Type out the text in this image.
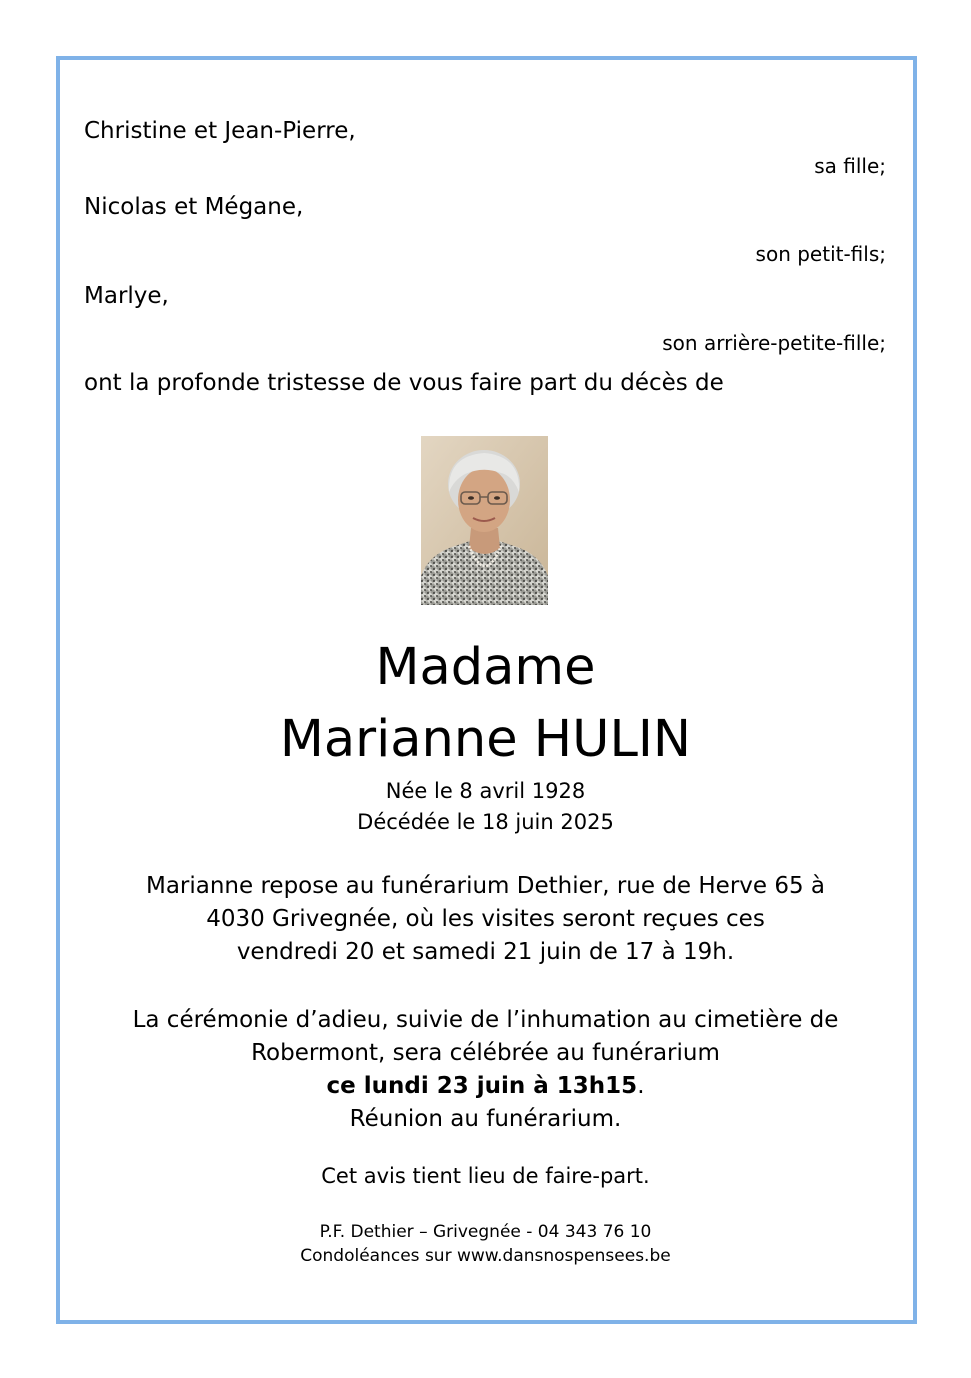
Christine et Jean-Pierre,
sa fille;
Nicolas et Mégane,
son petit-fils;
Marlye,
son arrière-petite-fille;
ont la profonde tristesse de vous faire part du décès de
Madame
Marianne HULIN
Née le 8 avril 1928
Décédée le 18 juin 2025
Marianne repose au funérarium Dethier, rue de Herve 65 à
4030 Grivegnée, où les visites seront reçues ces
vendredi 20 et samedi 21 juin de 17 à 19h.
La cérémonie d’adieu, suivie de l’inhumation au cimetière de
Robermont, sera célébrée au funérarium
ce lundi 23 juin à 13h15.
Réunion au funérarium.
Cet avis tient lieu de faire-part.
P.F. Dethier – Grivegnée - 04 343 76 10
Condoléances sur www.dansnospensees.be
